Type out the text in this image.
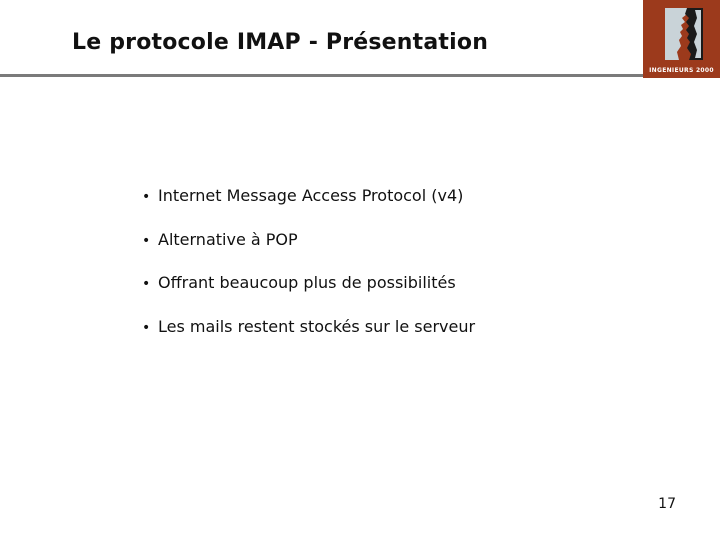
Le protocole IMAP - Présentation
INGENIEURS 2000
• Internet Message Access Protocol (v4)
• Alternative à POP
• Offrant beaucoup plus de possibilités
• Les mails restent stockés sur le serveur
17
